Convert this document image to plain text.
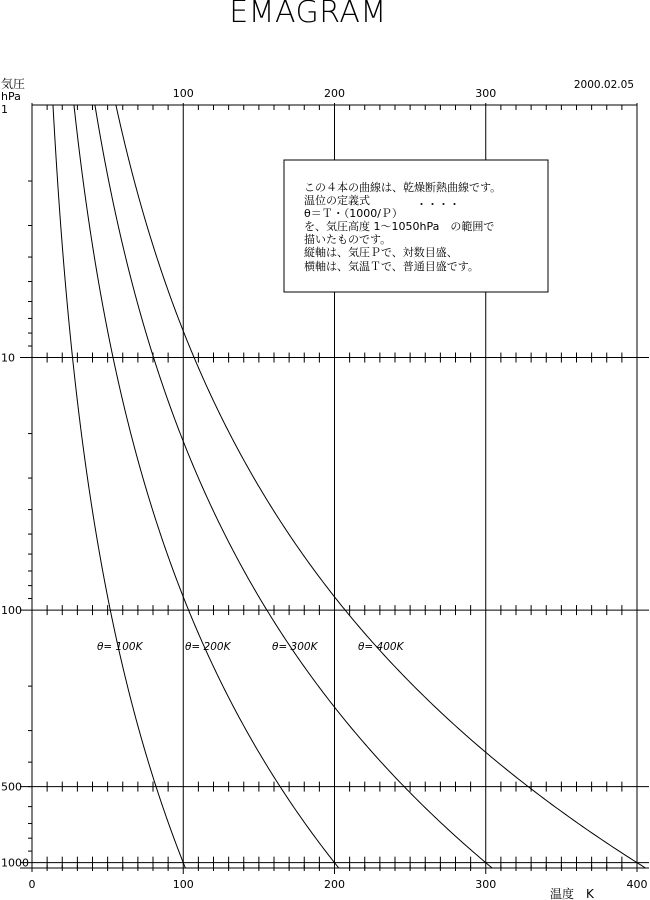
EMAGRAM
2000.02.05
気圧
hPa
温度　K
θ= 100K	θ= 200K	θ= 300K	θ= 400K
0	100	200	300	400
100	200	300
1
10
100
500
1000
この４本の曲線は、乾燥断熱曲線です。
温位の定義式	・・・・
θ＝Ｔ・（1000/Ｐ）
を、気圧高度 1～1050hPa　の範囲で
描いたものです。
縦軸は、気圧Ｐで、対数目盛、
横軸は、気温Ｔで、普通目盛です。
